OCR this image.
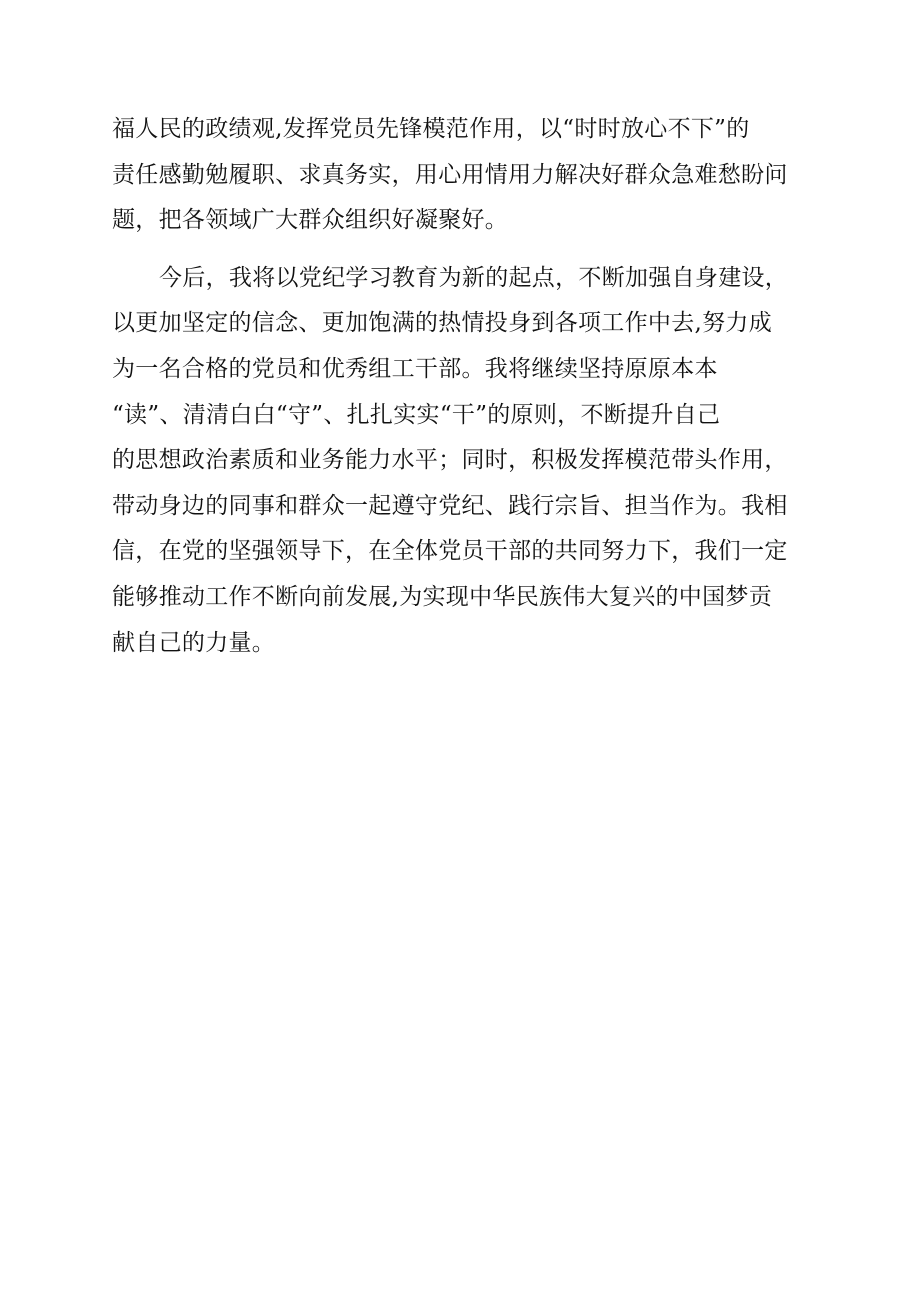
福人民的政绩观,发挥党员先锋模范作用，以“时时放心不下”的
责任感勤勉履职、求真务实，用心用情用力解决好群众急难愁盼问
题，把各领域广大群众组织好凝聚好。
今后，我将以党纪学习教育为新的起点，不断加强自身建设，
以更加坚定的信念、更加饱满的热情投身到各项工作中去,努力成
为一名合格的党员和优秀组工干部。我将继续坚持原原本本
“读”、清清白白“守”、扎扎实实“干”的原则，不断提升自己
的思想政治素质和业务能力水平；同时，积极发挥模范带头作用，
带动身边的同事和群众一起遵守党纪、践行宗旨、担当作为。我相
信，在党的坚强领导下，在全体党员干部的共同努力下，我们一定
能够推动工作不断向前发展,为实现中华民族伟大复兴的中国梦贡
献自己的力量。
